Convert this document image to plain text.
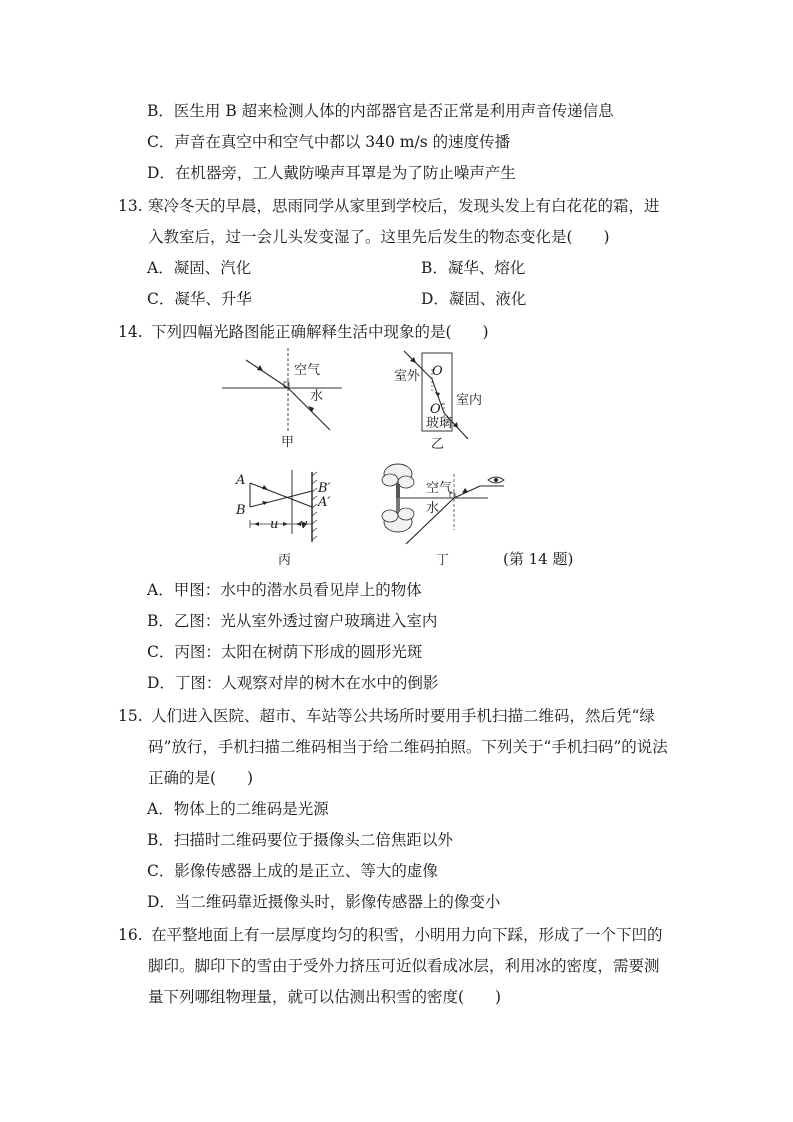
B．医生用 B 超来检测人体的内部器官是否正常是利用声音传递信息
C．声音在真空中和空气中都以 340 m/s 的速度传播
D．在机器旁，工人戴防噪声耳罩是为了防止噪声产生
13. 寒冷冬天的早晨，思雨同学从家里到学校后，发现头发上有白花花的霜，进
入教室后，过一会儿头发变湿了。这里先后发生的物态变化是(　　)
A．凝固、汽化	B．凝华、熔化
C．凝华、升华	D．凝固、液化
14. 下列四幅光路图能正确解释生活中现象的是(　　)
空气
水
甲
O
室外
O′
室内
玻璃
乙
A
B
B′
A′
u v
丙
空气
水
丁	(第 14 题)
A．甲图：水中的潜水员看见岸上的物体
B．乙图：光从室外透过窗户玻璃进入室内
C．丙图：太阳在树荫下形成的圆形光斑
D．丁图：人观察对岸的树木在水中的倒影
15. 人们进入医院、超市、车站等公共场所时要用手机扫描二维码，然后凭“绿
码”放行，手机扫描二维码相当于给二维码拍照。下列关于“手机扫码”的说法
正确的是(　　)
A．物体上的二维码是光源
B．扫描时二维码要位于摄像头二倍焦距以外
C．影像传感器上成的是正立、等大的虚像
D．当二维码靠近摄像头时，影像传感器上的像变小
16. 在平整地面上有一层厚度均匀的积雪，小明用力向下踩，形成了一个下凹的
脚印。脚印下的雪由于受外力挤压可近似看成冰层，利用冰的密度，需要测
量下列哪组物理量，就可以估测出积雪的密度(　　)
